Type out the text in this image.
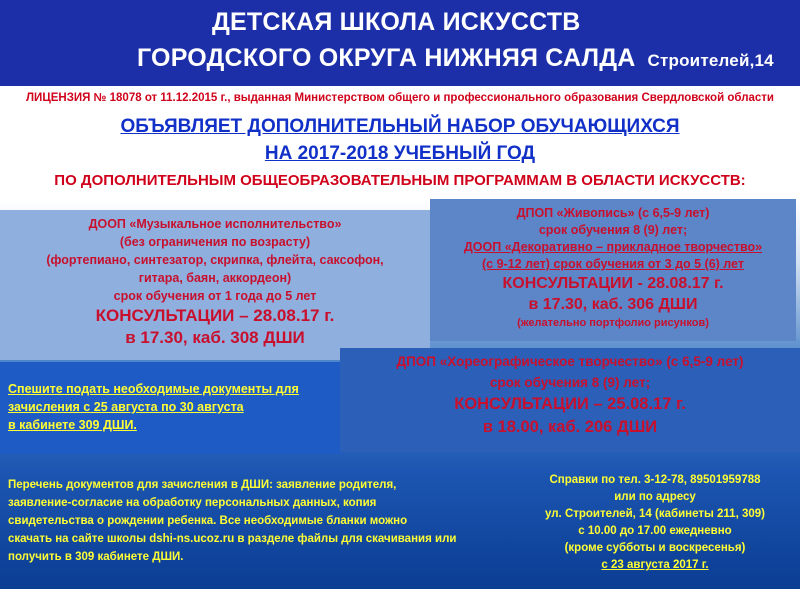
ДЕТСКАЯ ШКОЛА ИСКУССТВ
ГОРОДСКОГО ОКРУГА НИЖНЯЯ САЛДА Строителей,14
ЛИЦЕНЗИЯ № 18078 от 11.12.2015 г., выданная Министерством общего и профессионального образования Свердловской области
ОБЪЯВЛЯЕТ ДОПОЛНИТЕЛЬНЫЙ НАБОР ОБУЧАЮЩИХСЯ
НА 2017-2018 УЧЕБНЫЙ ГОД
ПО ДОПОЛНИТЕЛЬНЫМ ОБЩЕОБРАЗОВАТЕЛЬНЫМ ПРОГРАММАМ В ОБЛАСТИ ИСКУССТВ:
ДООП «Музыкальное исполнительство»
(без ограничения по возрасту)
(фортепиано, синтезатор, скрипка, флейта, саксофон,
гитара, баян, аккордеон)
срок обучения от 1 года до 5 лет
КОНСУЛЬТАЦИИ – 28.08.17 г.
в 17.30, каб. 308 ДШИ
ДПОП «Живопись» (с 6,5-9 лет)
срок обучения 8 (9) лет;
ДООП «Декоративно – прикладное творчество»
(с 9-12 лет) срок обучения от 3 до 5 (6) лет
КОНСУЛЬТАЦИИ - 28.08.17 г.
в 17.30, каб. 306 ДШИ
(желательно портфолио рисунков)
Спешите подать необходимые документы для
зачисления с 25 августа по 30 августа
в кабинете 309 ДШИ.
ДПОП «Хореографическое творчество» (с 6,5-9 лет)
срок обучения 8 (9) лет;
КОНСУЛЬТАЦИИ – 25.08.17 г.
в 18.00, каб. 206 ДШИ
Перечень документов для зачисления в ДШИ: заявление родителя,
заявление-согласие на обработку персональных данных, копия
свидетельства о рождении ребенка. Все необходимые бланки можно
скачать на сайте школы dshi-ns.ucoz.ru в разделе файлы для скачивания или
получить в 309 кабинете ДШИ.
Справки по тел. 3-12-78, 89501959788
или по адресу
ул. Строителей, 14 (кабинеты 211, 309)
с 10.00 до 17.00 ежедневно
(кроме субботы и воскресенья)
с 23 августа 2017 г.
